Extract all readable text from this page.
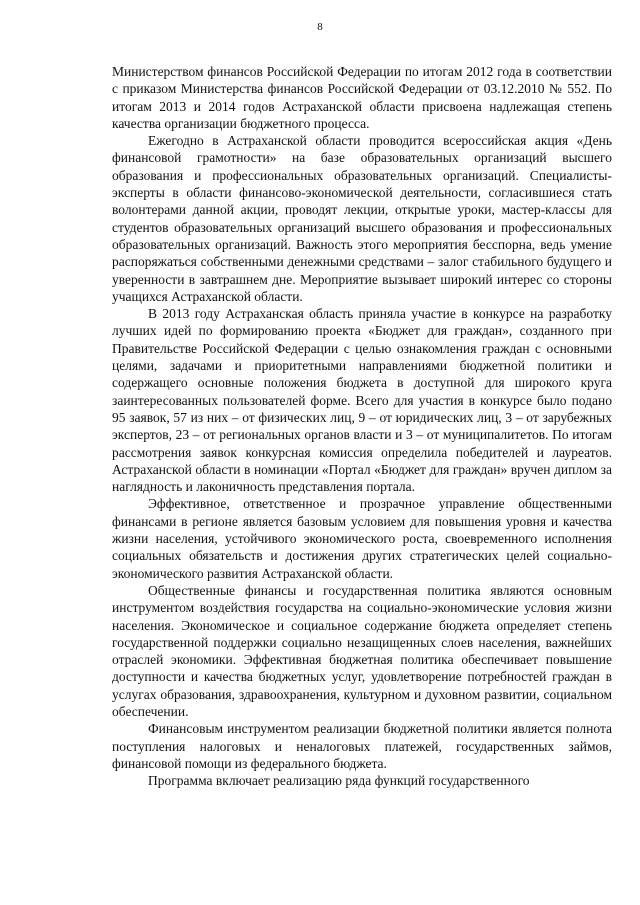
8

Министерством финансов Российской Федерации по итогам 2012 года в соответствии с приказом Министерства финансов Российской Федерации от 03.12.2010 № 552. По итогам 2013 и 2014 годов Астраханской области присвоена надлежащая степень качества организации бюджетного процесса.

Ежегодно в Астраханской области проводится всероссийская акция «День финансовой грамотности» на базе образовательных организаций высшего образования и профессиональных образовательных организаций. Специалисты-эксперты в области финансово-экономической деятельности, согласившиеся стать волонтерами данной акции, проводят лекции, открытые уроки, мастер-классы для студентов образовательных организаций высшего образования и профессиональных образовательных организаций. Важность этого мероприятия бесспорна, ведь умение распоряжаться собственными денежными средствами – залог стабильного будущего и уверенности в завтрашнем дне. Мероприятие вызывает широкий интерес со стороны учащихся Астраханской области.

В 2013 году Астраханская область приняла участие в конкурсе на разработку лучших идей по формированию проекта «Бюджет для граждан», созданного при Правительстве Российской Федерации с целью ознакомления граждан с основными целями, задачами и приоритетными направлениями бюджетной политики и содержащего основные положения бюджета в доступной для широкого круга заинтересованных пользователей форме. Всего для участия в конкурсе было подано 95 заявок, 57 из них – от физических лиц, 9 – от юридических лиц, 3 – от зарубежных экспертов, 23 – от региональных органов власти и 3 – от муниципалитетов. По итогам рассмотрения заявок конкурсная комиссия определила победителей и лауреатов. Астраханской области в номинации «Портал «Бюджет для граждан» вручен диплом за наглядность и лаконичность представления портала.

Эффективное, ответственное и прозрачное управление общественными финансами в регионе является базовым условием для повышения уровня и качества жизни населения, устойчивого экономического роста, своевременного исполнения социальных обязательств и достижения других стратегических целей социально-экономического развития Астраханской области.

Общественные финансы и государственная политика являются основным инструментом воздействия государства на социально-экономические условия жизни населения. Экономическое и социальное содержание бюджета определяет степень государственной поддержки социально незащищенных слоев населения, важнейших отраслей экономики. Эффективная бюджетная политика обеспечивает повышение доступности и качества бюджетных услуг, удовлетворение потребностей граждан в услугах образования, здравоохранения, культурном и духовном развитии, социальном обеспечении.

Финансовым инструментом реализации бюджетной политики является полнота поступления налоговых и неналоговых платежей, государственных займов, финансовой помощи из федерального бюджета.

Программа включает реализацию ряда функций государственного
